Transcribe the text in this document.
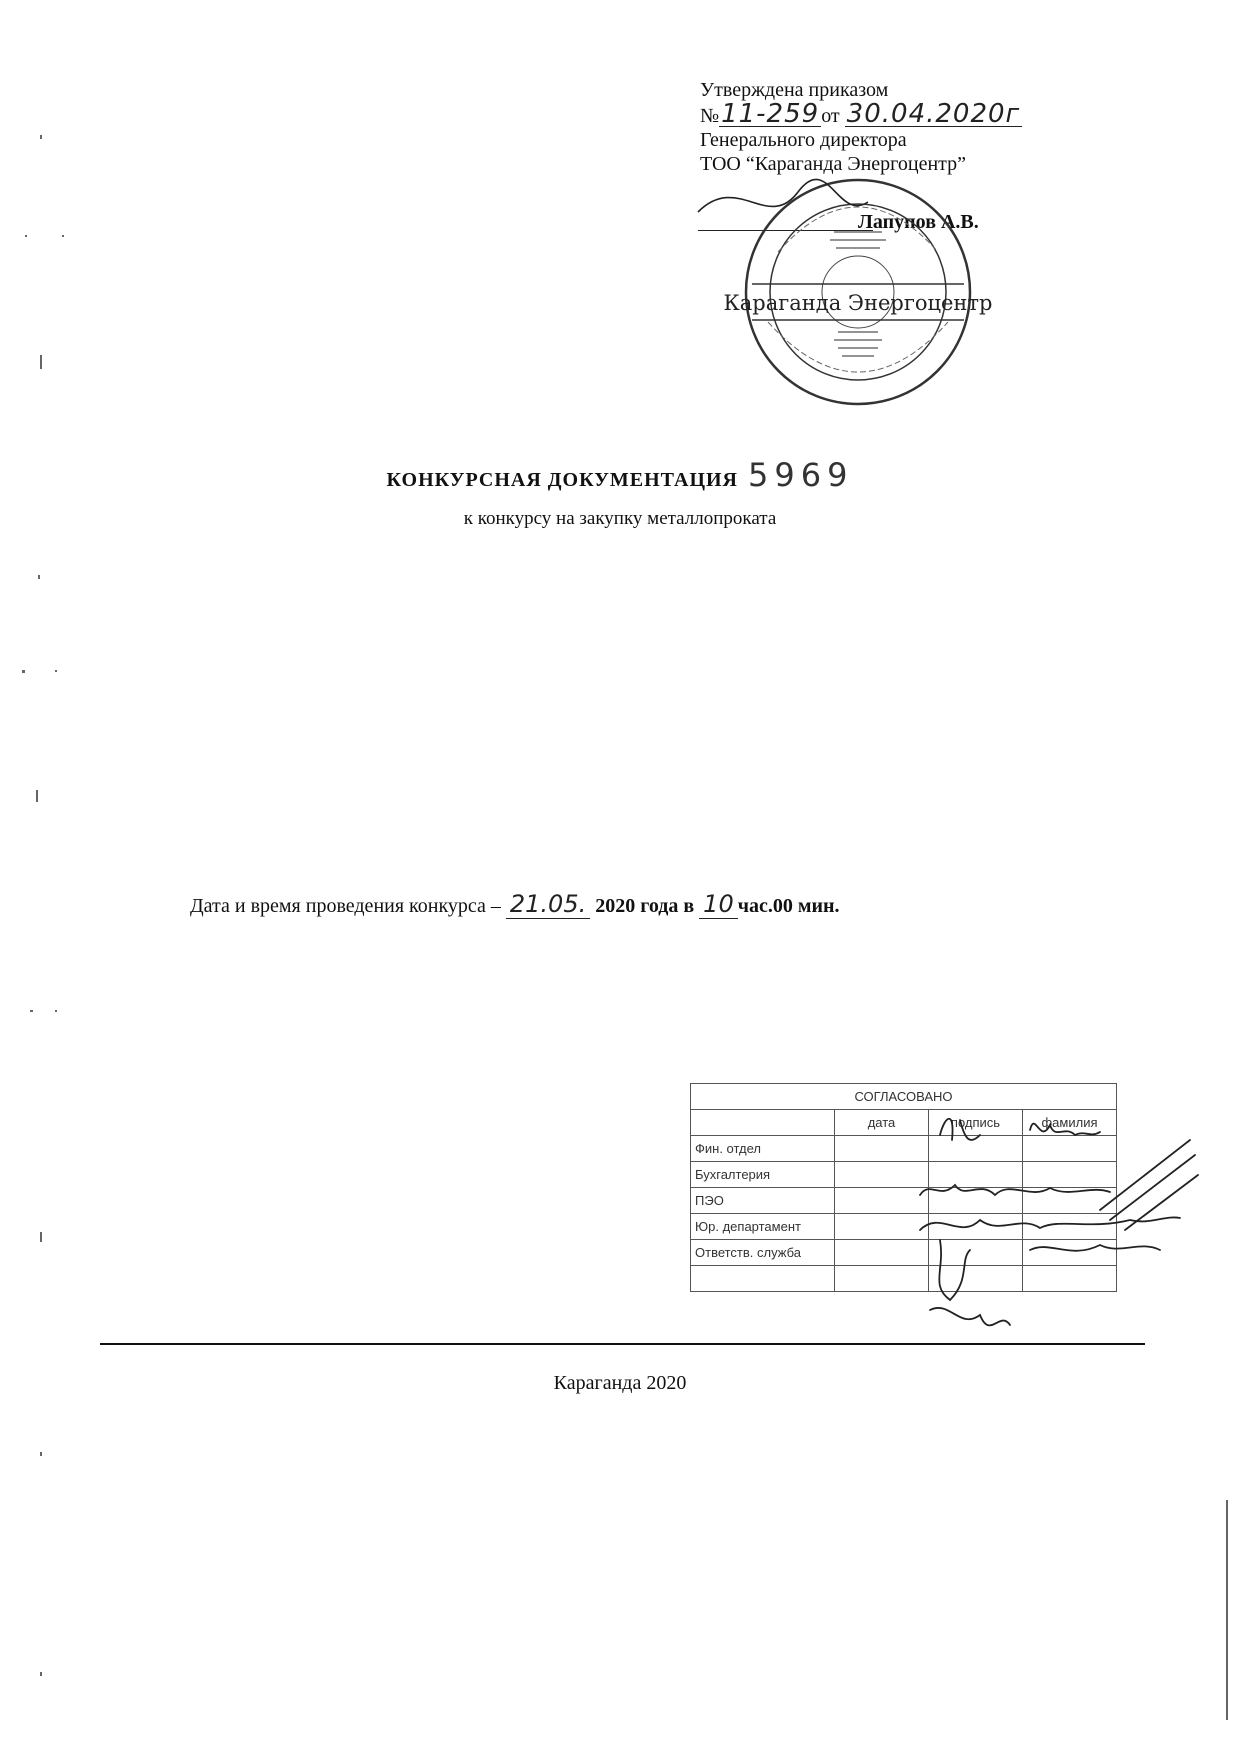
Утверждена приказом
№11-259 от 30.04.2020г
Генерального директора
ТОО “Караганда Энергоцентр”
Лапупов А.В.
Караганда Энергоцентр
КОНКУРСНАЯ ДОКУМЕНТАЦИЯ 5969
к конкурсу на закупку металлопроката
Дата и время проведения конкурса – 21.05. 2020 года в 10 час.00 мин.
СОГЛАСОВАНО			
	дата	подпись	фамилия
Фин. отдел			
Бухгалтерия			
ПЭО			
Юр. департамент			
Ответств. служба			

Караганда 2020
